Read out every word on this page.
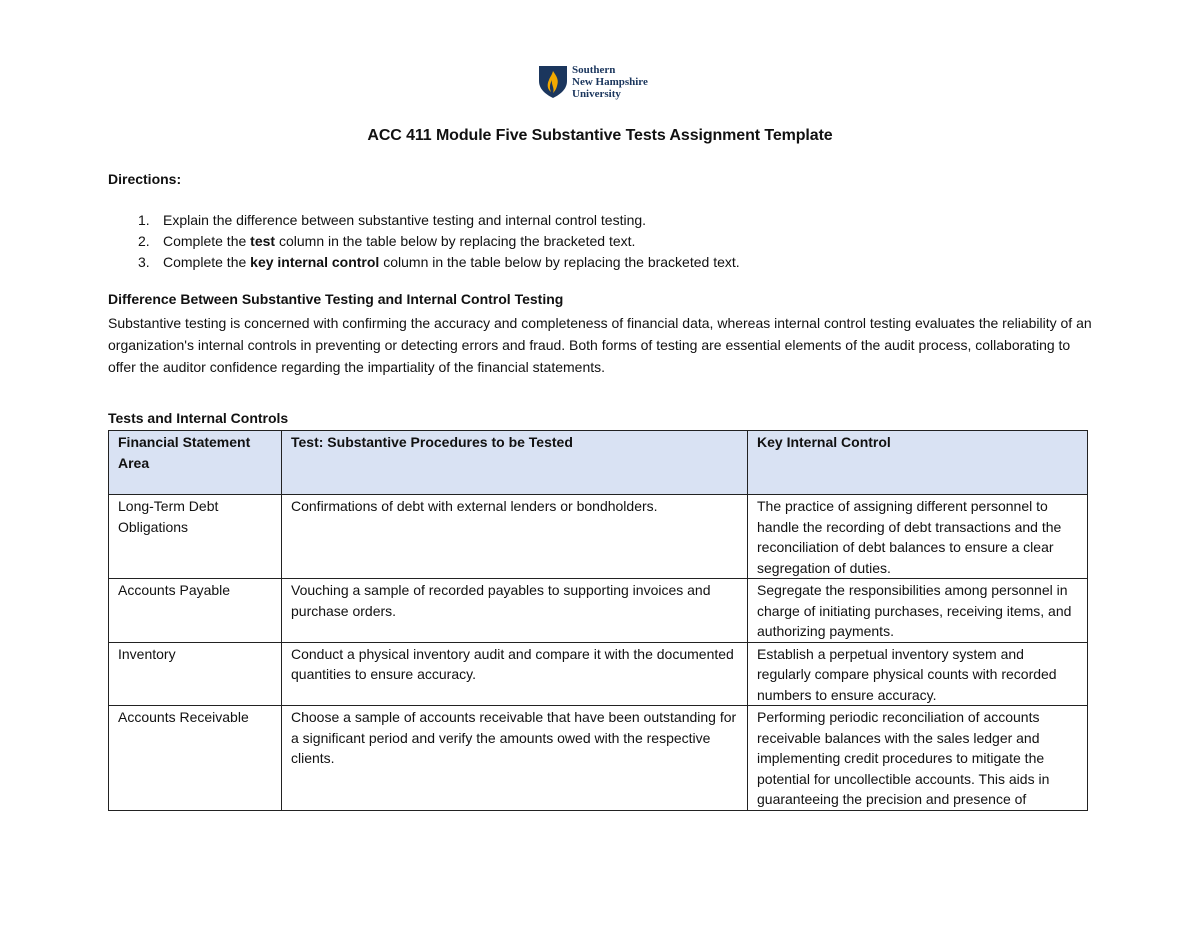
Southern
New Hampshire
University
ACC 411 Module Five Substantive Tests Assignment Template
Directions:
1. Explain the difference between substantive testing and internal control testing.
2. Complete the test column in the table below by replacing the bracketed text.
3. Complete the key internal control column in the table below by replacing the bracketed text.
Difference Between Substantive Testing and Internal Control Testing
Substantive testing is concerned with confirming the accuracy and completeness of financial data, whereas internal control testing evaluates the reliability of an organization's internal controls in preventing or detecting errors and fraud. Both forms of testing are essential elements of the audit process, collaborating to offer the auditor confidence regarding the impartiality of the financial statements.
Tests and Internal Controls
Financial Statement Area	Test: Substantive Procedures to be Tested	Key Internal Control
Long-Term Debt Obligations	Confirmations of debt with external lenders or bondholders.	The practice of assigning different personnel to handle the recording of debt transactions and the reconciliation of debt balances to ensure a clear segregation of duties.
Accounts Payable	Vouching a sample of recorded payables to supporting invoices and purchase orders.	Segregate the responsibilities among personnel in charge of initiating purchases, receiving items, and authorizing payments.
Inventory	Conduct a physical inventory audit and compare it with the documented quantities to ensure accuracy.	Establish a perpetual inventory system and regularly compare physical counts with recorded numbers to ensure accuracy.
Accounts Receivable	Choose a sample of accounts receivable that have been outstanding for a significant period and verify the amounts owed with the respective clients.	Performing periodic reconciliation of accounts receivable balances with the sales ledger and implementing credit procedures to mitigate the potential for uncollectible accounts. This aids in guaranteeing the precision and presence of
